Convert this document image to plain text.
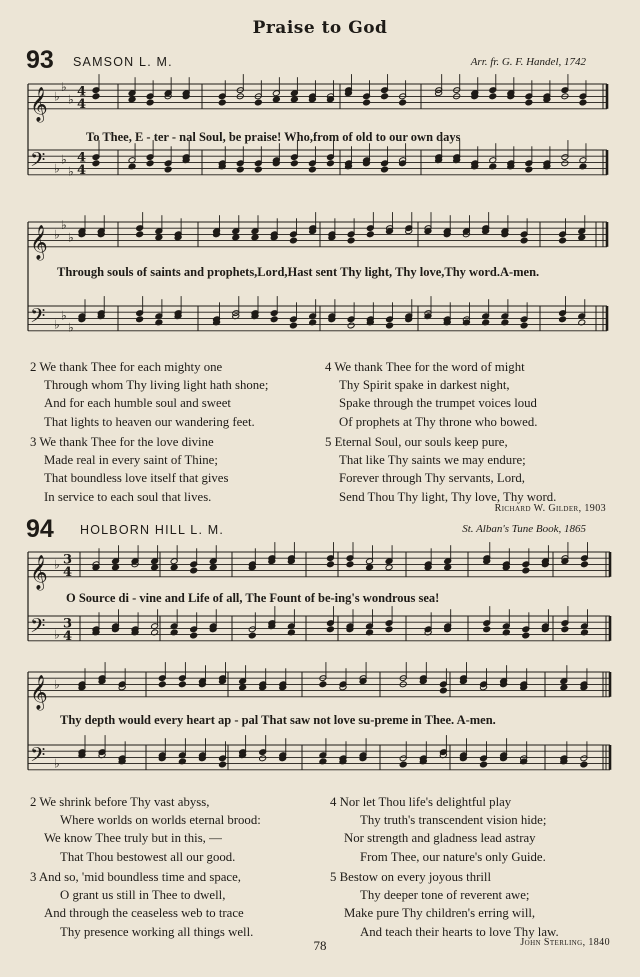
Praise to God
93 SAMSON L. M.	Arr. fr. G. F. Handel, 1742
𝄞 ♭
♭
♭
4
4
𝄢 ♭
♭
♭
4
4
To Thee, E - ter - nal Soul, be praise! Who,from of old to our own days
𝄞 ♭
♭
♭
𝄢 ♭
♭
♭
Through souls of saints and prophets,Lord,Hast sent Thy light, Thy love,Thy word.A-men.
2 We thank Thee for each mighty one
Through whom Thy living light hath shone;
And for each humble soul and sweet
That lights to heaven our wandering feet.
3 We thank Thee for the love divine
Made real in every saint of Thine;
That boundless love itself that gives
In service to each soul that lives.
4 We thank Thee for the word of might
Thy Spirit spake in darkest night,
Spake through the trumpet voices loud
Of prophets at Thy throne who bowed.
5 Eternal Soul, our souls keep pure,
That like Thy saints we may endure;
Forever through Thy servants, Lord,
Send Thou Thy light, Thy love, Thy word.
Richard W. Gilder, 1903
94 HOLBORN HILL L. M.	St. Alban's Tune Book, 1865
𝄞 ♭ 3
4
𝄢 ♭
3
4
O Source di - vine and Life of all, The Fount of be-ing's wondrous sea!
𝄞 ♭
𝄢 ♭
Thy depth would every heart ap - pal That saw not love su-preme in Thee. A-men.
2 We shrink before Thy vast abyss,
Where worlds on worlds eternal brood:
We know Thee truly but in this, —
That Thou bestowest all our good.
3 And so, 'mid boundless time and space,
O grant us still in Thee to dwell,
And through the ceaseless web to trace
Thy presence working all things well.
4 Nor let Thou life's delightful play
Thy truth's transcendent vision hide;
Nor strength and gladness lead astray
From Thee, our nature's only Guide.
5 Bestow on every joyous thrill
Thy deeper tone of reverent awe;
Make pure Thy children's erring will,
And teach their hearts to love Thy law.
John Sterling, 1840
78
